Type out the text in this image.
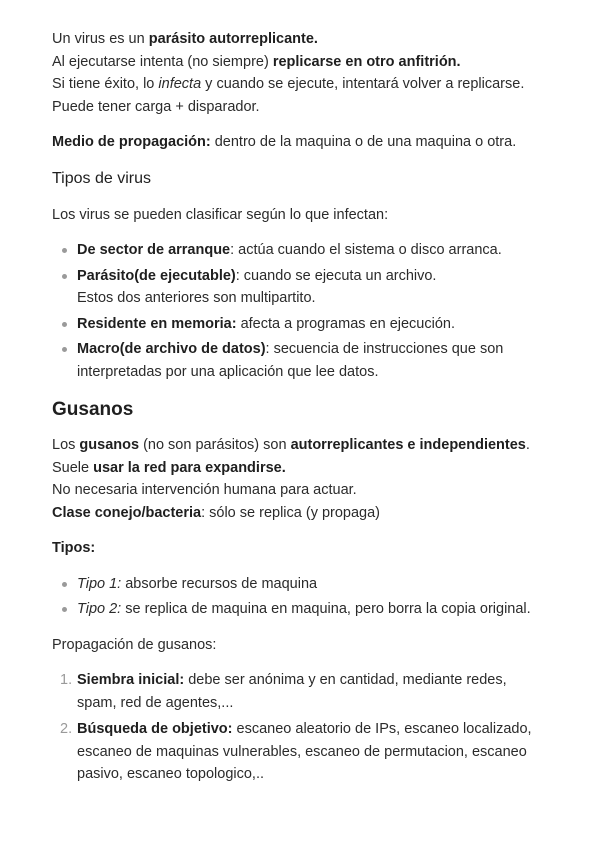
Un virus es un parásito autorreplicante.
Al ejecutarse intenta (no siempre) replicarse en otro anfitrión.
Si tiene éxito, lo infecta y cuando se ejecute, intentará volver a replicarse.
Puede tener carga + disparador.

Medio de propagación: dentro de la maquina o de una maquina o otra.

Tipos de virus

Los virus se pueden clasificar según lo que infectan:

De sector de arranque: actúa cuando el sistema o disco arranca.
Parásito(de ejecutable): cuando se ejecuta un archivo.
Estos dos anteriores son multipartito.
Residente en memoria: afecta a programas en ejecución.
Macro(de archivo de datos): secuencia de instrucciones que son interpretadas por una aplicación que lee datos.
Gusanos

Los gusanos (no son parásitos) son autorreplicantes e independientes.
Suele usar la red para expandirse.
No necesaria intervención humana para actuar.
Clase conejo/bacteria: sólo se replica (y propaga)

Tipos:

Tipo 1: absorbe recursos de maquina
Tipo 2: se replica de maquina en maquina, pero borra la copia original.

Propagación de gusanos:

1. Siembra inicial: debe ser anónima y en cantidad, mediante redes, spam, red de agentes,...
2. Búsqueda de objetivo: escaneo aleatorio de IPs, escaneo localizado, escaneo de maquinas vulnerables, escaneo de permutacion, escaneo pasivo, escaneo topologico,..
